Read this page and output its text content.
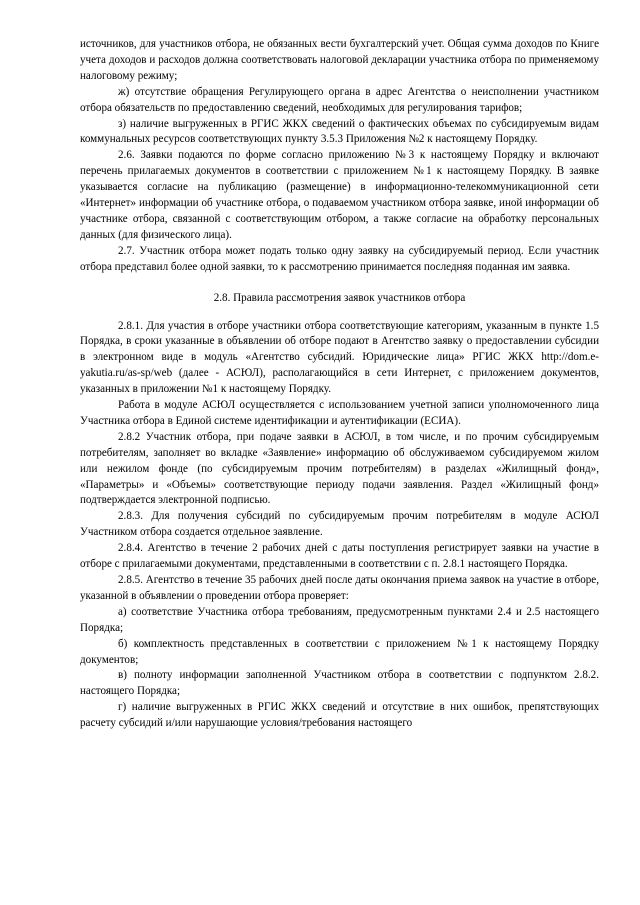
источников, для участников отбора, не обязанных вести бухгалтерский учет. Общая сумма доходов по Книге учета доходов и расходов должна соответствовать налоговой декларации участника отбора по применяемому налоговому режиму;

ж) отсутствие обращения Регулирующего органа в адрес Агентства о неисполнении участником отбора обязательств по предоставлению сведений, необходимых для регулирования тарифов;

з) наличие выгруженных в РГИС ЖКХ сведений о фактических объемах по субсидируемым видам коммунальных ресурсов соответствующих пункту 3.5.3 Приложения №2 к настоящему Порядку.

2.6. Заявки подаются по форме согласно приложению №3 к настоящему Порядку и включают перечень прилагаемых документов в соответствии с приложением №1 к настоящему Порядку. В заявке указывается согласие на публикацию (размещение) в информационно-телекоммуникационной сети «Интернет» информации об участнике отбора, о подаваемом участником отбора заявке, иной информации об участнике отбора, связанной с соответствующим отбором, а также согласие на обработку персональных данных (для физического лица).

2.7. Участник отбора может подать только одну заявку на субсидируемый период. Если участник отбора представил более одной заявки, то к рассмотрению принимается последняя поданная им заявка.

2.8. Правила рассмотрения заявок участников отбора

2.8.1. Для участия в отборе участники отбора соответствующие категориям, указанным в пункте 1.5 Порядка, в сроки указанные в объявлении об отборе подают в Агентство заявку о предоставлении субсидии в электронном виде в модуль «Агентство субсидий. Юридические лица» РГИС ЖКХ http://dom.e-yakutia.ru/as-sp/web (далее - АСЮЛ), располагающийся в сети Интернет, с приложением документов, указанных в приложении №1 к настоящему Порядку.

Работа в модуле АСЮЛ осуществляется с использованием учетной записи уполномоченного лица Участника отбора в Единой системе идентификации и аутентификации (ЕСИА).

2.8.2 Участник отбора, при подаче заявки в АСЮЛ, в том числе, и по прочим субсидируемым потребителям, заполняет во вкладке «Заявление» информацию об обслуживаемом субсидируемом жилом или нежилом фонде (по субсидируемым прочим потребителям) в разделах «Жилищный фонд», «Параметры» и «Объемы» соответствующие периоду подачи заявления. Раздел «Жилищный фонд» подтверждается электронной подписью.

2.8.3. Для получения субсидий по субсидируемым прочим потребителям в модуле АСЮЛ Участником отбора создается отдельное заявление.

2.8.4. Агентство в течение 2 рабочих дней с даты поступления регистрирует заявки на участие в отборе с прилагаемыми документами, представленными в соответствии с п. 2.8.1 настоящего Порядка.

2.8.5. Агентство в течение 35 рабочих дней после даты окончания приема заявок на участие в отборе, указанной в объявлении о проведении отбора проверяет:

а) соответствие Участника отбора требованиям, предусмотренным пунктами 2.4 и 2.5 настоящего Порядка;

б) комплектность представленных в соответствии с приложением №1 к настоящему Порядку документов;

в) полноту информации заполненной Участником отбора в соответствии с подпунктом 2.8.2. настоящего Порядка;

г) наличие выгруженных в РГИС ЖКХ сведений и отсутствие в них ошибок, препятствующих расчету субсидий и/или нарушающие условия/требования настоящего
